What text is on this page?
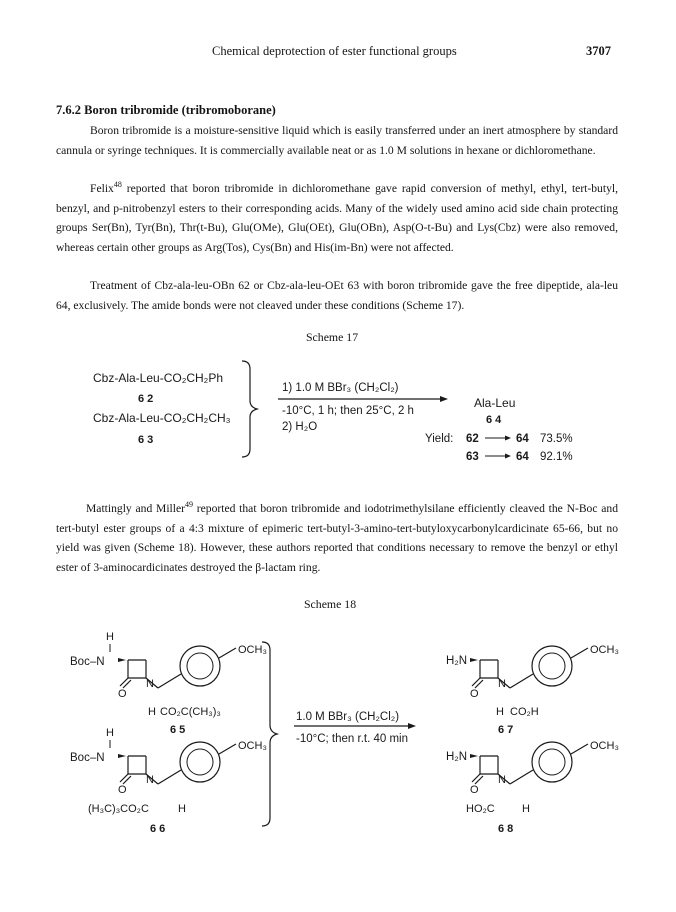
Chemical deprotection of ester functional groups	3707
7.6.2 Boron tribromide (tribromoborane)

Boron tribromide is a moisture-sensitive liquid which is easily transferred under an inert atmosphere by standard cannula or syringe techniques. It is commercially available neat or as 1.0 M solutions in hexane or dichloromethane.

Felix$^{48}$ reported that boron tribromide in dichloromethane gave rapid conversion of methyl, ethyl, tert-butyl, benzyl, and p-nitrobenzyl esters to their corresponding acids. Many of the widely used amino acid side chain protecting groups Ser(Bn), Tyr(Bn), Thr(t-Bu), Glu(OMe), Glu(OEt), Glu(OBn), Asp(O-t-Bu) and Lys(Cbz) were also removed, whereas certain other groups as Arg(Tos), Cys(Bn) and His(im-Bn) were not affected.

Treatment of Cbz-ala-leu-OBn 62 or Cbz-ala-leu-OEt 63 with boron tribromide gave the free dipeptide, ala-leu 64, exclusively. The amide bonds were not cleaved under these conditions (Scheme 17).

Scheme 17
Cbz-Ala-Leu-CO₂CH₂Ph
6 2
Cbz-Ala-Leu-CO₂CH₂CH₃
6 3
1) 1.0 M BBr₃ (CH₂Cl₂)
-10°C, 1 h; then 25°C, 2 h
2) H₂O
Ala-Leu
6 4
Yield: 62	64 73.5%
63	64 92.1%

Mattingly and Miller$^{49}$ reported that boron tribromide and iodotrimethylsilane efficiently cleaved the N-Boc and tert-butyl ester groups of a 4:3 mixture of epimeric tert-butyl-3-amino-tert-butyloxycarbonylcardicinate 65-66, but no yield was given (Scheme 18). However, these authors reported that conditions necessary to remove the benzyl or ethyl ester of 3-aminocardicinates destroyed the β-lactam ring.

Scheme 18
H
Boc–N
O
N
OCH₃
H CO₂C(CH₃)₃
6 5
H
Boc–N
O
N
OCH₃
(H₃C)₃CO₂C	H
6 6
1.0 M BBr₃ (CH₂Cl₂)
-10°C; then r.t. 40 min
H₂N
O
N
OCH₃
H CO₂H
6 7
H₂N
O
N
OCH₃
HO₂C H
6 8
